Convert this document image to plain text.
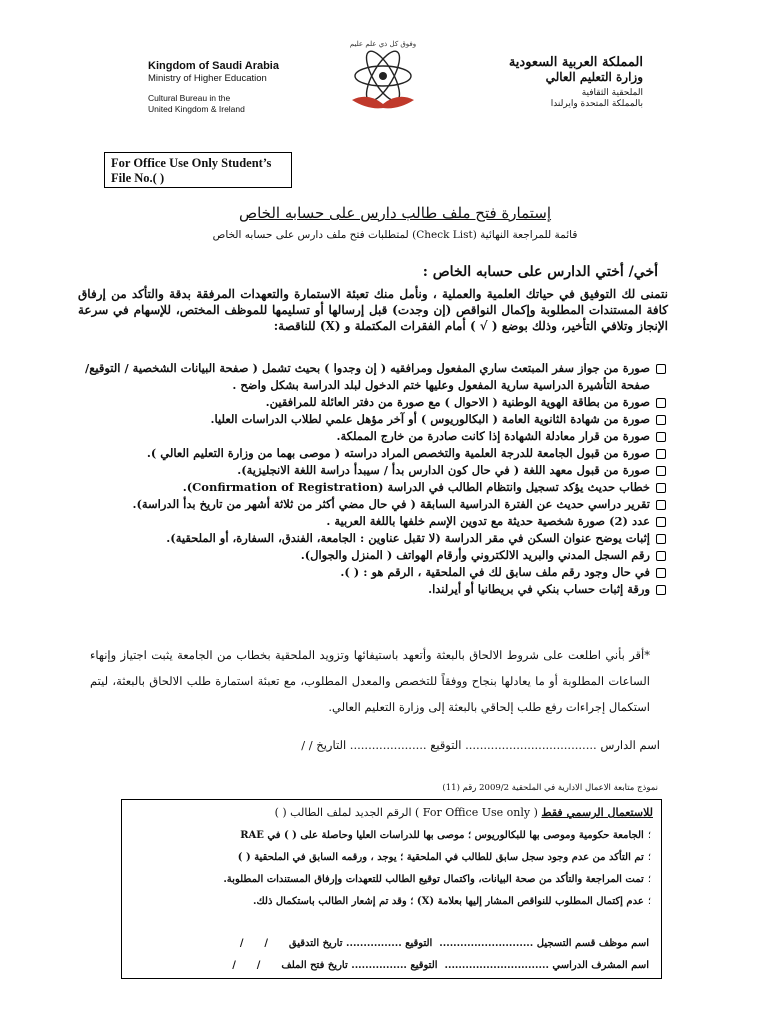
Kingdom of Saudi Arabia
Ministry of Higher Education
Cultural Bureau in the
United Kingdom & Ireland
وفوق كل ذي علم عليم
المملكة العربية السعودية
وزارة التعليم العالي
الملحقية الثقافية
بالمملكة المتحدة وايرلندا
For Office Use Only Student’s
File No.( )
إستمارة فتح ملف طالب دارس على حسابه الخاص
قائمة للمراجعة النهائية (Check List) لمتطلبات فتح ملف دارس على حسابه الخاص
أخي/ أختي الدارس على حسابه الخاص :
نتمنى لك التوفيق في حياتك العلمية والعملية ، ونأمل منك تعبئة الاستمارة والتعهدات المرفقة بدقة والتأكد من إرفاق كافة المستندات المطلوبة وإكمال النواقص (إن وجدت) قبل إرسالها أو تسليمها للموظف المختص، للإسهام في سرعة الإنجاز وتلافي التأخير، وذلك بوضع ( √ ) أمام الفقرات المكتملة و (X) للناقصة:
صورة من جواز سفر المبتعث ساري المفعول ومرافقيه ( إن وجدوا ) بحيث تشمل ( صفحة البيانات الشخصية / التوقيع/ صفحة التأشيرة الدراسية سارية المفعول وعليها ختم الدخول لبلد الدراسة بشكل واضح .
صورة من بطاقة الهوية الوطنية ( الاحوال ) مع صورة من دفتر العائلة للمرافقين.
صورة من شهادة الثانوية العامة ( البكالوريوس ) أو آخر مؤهل علمي لطلاب الدراسات العليا.
صورة من قرار معادلة الشهادة إذا كانت صادرة من خارج المملكة.
صورة من قبول الجامعة للدرجة العلمية والتخصص المراد دراسته ( موصى بهما من وزارة التعليم العالي ).
صورة من قبول معهد اللغة ( في حال كون الدارس بدأ / سيبدأ دراسة اللغة الانجليزية).
خطاب حديث يؤكد تسجيل وانتظام الطالب في الدراسة (Confirmation of Registration).
تقرير دراسي حديث عن الفترة الدراسية السابقة ( في حال مضي أكثر من ثلاثة أشهر من تاريخ بدأ الدراسة).
عدد (2) صورة شخصية حديثة مع تدوين الإسم خلفها باللغة العربية .
إثبات يوضح عنوان السكن في مقر الدراسة (لا تقبل عناوين : الجامعة، الفندق، السفارة، أو الملحقية).
رقم السجل المدني والبريد الالكتروني وأرقام الهواتف ( المنزل والجوال).
في حال وجود رقم ملف سابق لك في الملحقية ، الرقم هو : ( ).
ورقة إثبات حساب بنكي في بريطانيا أو أيرلندا.
*أقر بأني اطلعت على شروط الالحاق بالبعثة وأتعهد باستيفائها وتزويد الملحقية بخطاب من الجامعة يثبت اجتياز وإنهاء الساعات المطلوبة أو ما يعادلها بنجاح ووفقاً للتخصص والمعدل المطلوب، مع تعبئة استمارة طلب الالحاق بالبعثة، ليتم استكمال إجراءات رفع طلب إلحاقي بالبعثة إلى وزارة التعليم العالي.
اسم الدارس .................................... التوقيع ..................... التاريخ / /
نموذج متابعة الاعمال الادارية في الملحقية 2009/2 رقم (11)
للاستعمال الرسمي فقط ( For Office Use only ) الرقم الجديد لملف الطالب ( )
؛الجامعة حكومية وموصى بها للبكالوريوس ؛ موصى بها للدراسات العليا وحاصلة على ( ) في RAE
؛تم التأكد من عدم وجود سجل سابق للطالب في الملحقية ؛ يوجد ، ورقمه السابق في الملحقية ( )
؛تمت المراجعة والتأكد من صحة البيانات، واكتمال توقيع الطالب للتعهدات وإرفاق المستندات المطلوبة.
؛عدم إكتمال المطلوب للنواقص المشار إليها بعلامة (X) ؛ وقد تم إشعار الطالب باستكمال ذلك.
اسم موظف قسم التسجيل ...........................  التوقيع ................ تاريخ التدقيق      /      /
اسم المشرف الدراسي ..............................  التوقيع ................ تاريخ فتح الملف      /      /
